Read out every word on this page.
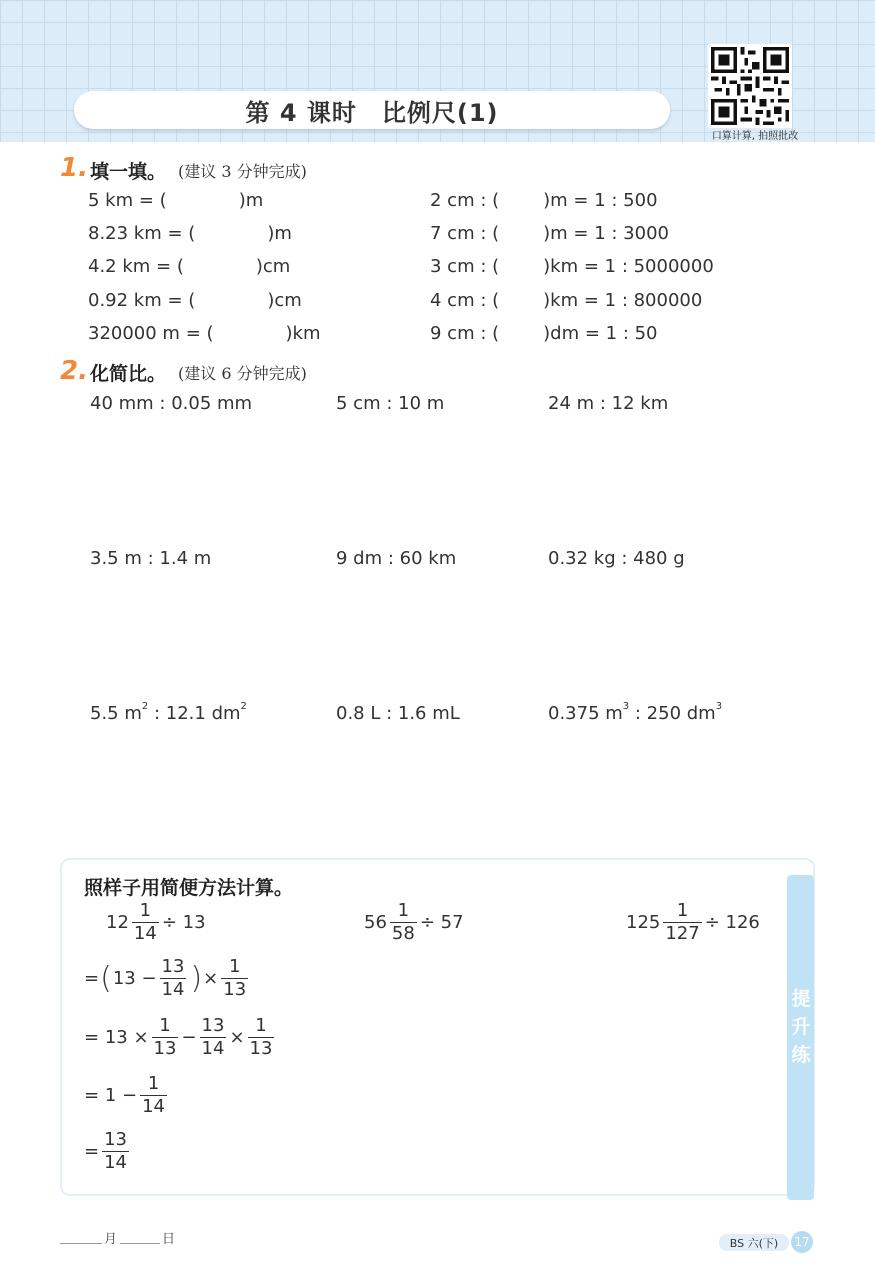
第 4 课时　比例尺(1)
口算计算, 拍照批改
1. 填一填。 (建议 3 分钟完成)
5 km = (	)m
8.23 km = (	)m
4.2 km = (	)cm
0.92 km = (	)cm
320000 m = (	)km
2 cm : ( )m = 1 : 500
7 cm : ( )m = 1 : 3000
3 cm : ( )km = 1 : 5000000
4 cm : ( )km = 1 : 800000
9 cm : ( )dm = 1 : 50
2. 化简比。 (建议 6 分钟完成)
40 mm : 0.05 mm	5 cm : 10 m	24 m : 12 km
3.5 m : 1.4 m	9 dm : 60 km	0.32 kg : 480 g
5.5 $m^2$ : 12.1 $dm^2$	0.8 L : 1.6 mL	0.375 $m^3$ : 250 $dm^3$
提升练
照样子用简便方法计算。
$12 \frac{1}{14} \div 13$	$56 \frac{1}{58} \div 57$	$125 \frac{1}{127} \div 126$
= ( $13 - \frac{13}{14}$ ) × $\frac{1}{13}$
=
$13 \times \frac{1}{13} - \frac{13}{14} \times \frac{1}{13}$
=
$1 - \frac{1}{14}$
= $\frac{13}{14}$
月	日	BS 六(下)	17
